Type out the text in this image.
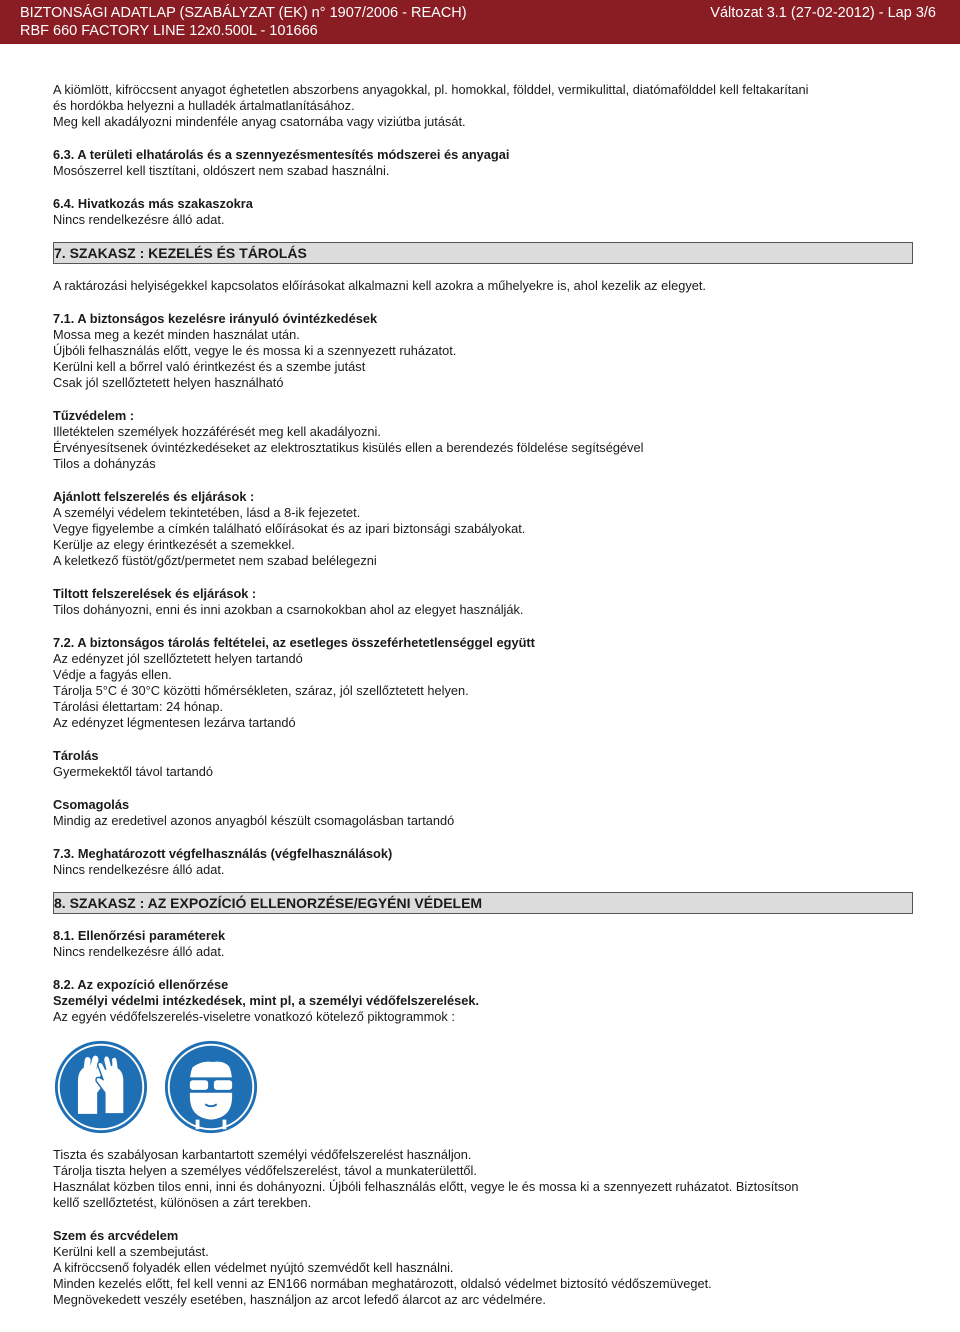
BIZTONSÁGI ADATLAP (SZABÁLYZAT (EK) n° 1907/2006 - REACH)	Változat 3.1 (27-02-2012) - Lap 3/6
RBF 660 FACTORY LINE 12x0.500L - 101666

A kiömlött, kifröccsent anyagot éghetetlen abszorbens anyagokkal, pl. homokkal, földdel, vermikulittal, diatómafölddel kell feltakarítani

és hordókba helyezni a hulladék ártalmatlanításához.

Meg kell akadályozni mindenféle anyag csatornába vagy viziútba jutását.

6.3. A területi elhatárolás és a szennyezésmentesítés módszerei és anyagai

Mosószerrel kell tisztítani, oldószert nem szabad használni.

6.4. Hivatkozás más szakaszokra

Nincs rendelkezésre álló adat.

7. SZAKASZ : KEZELÉS ÉS TÁROLÁS

A raktározási helyiségekkel kapcsolatos előírásokat alkalmazni kell azokra a műhelyekre is, ahol kezelik az elegyet.

7.1. A biztonságos kezelésre irányuló óvintézkedések

Mossa meg a kezét minden használat után.

Újbóli felhasználás előtt, vegye le és mossa ki a szennyezett ruházatot.

Kerülni kell a bőrrel való érintkezést és a szembe jutást

Csak jól szellőztetett helyen használható

Tűzvédelem :

Illetéktelen személyek hozzáférését meg kell akadályozni.

Érvényesítsenek óvintézkedéseket az elektrosztatikus kisülés ellen a berendezés földelése segítségével

Tilos a dohányzás

Ajánlott felszerelés és eljárások :

A személyi védelem tekintetében, lásd a 8-ik fejezetet.

Vegye figyelembe a címkén található előírásokat és az ipari biztonsági szabályokat.

Kerülje az elegy érintkezését a szemekkel.

A keletkező füstöt/gőzt/permetet nem szabad belélegezni

Tiltott felszerelések és eljárások :

Tilos dohányozni, enni és inni azokban a csarnokokban ahol az elegyet használják.

7.2. A biztonságos tárolás feltételei, az esetleges összeférhetetlenséggel együtt

Az edényzet jól szellőztetett helyen tartandó

Védje a fagyás ellen.

Tárolja 5°C é 30°C közötti hőmérsékleten, száraz, jól szellőztetett helyen.

Tárolási élettartam: 24 hónap.

Az edényzet légmentesen lezárva tartandó

Tárolás

Gyermekektől távol tartandó

Csomagolás

Mindig az eredetivel azonos anyagból készült csomagolásban tartandó

7.3. Meghatározott végfelhasználás (végfelhasználások)

Nincs rendelkezésre álló adat.

8. SZAKASZ : AZ EXPOZÍCIÓ ELLENORZÉSE/EGYÉNI VÉDELEM

8.1. Ellenőrzési paraméterek

Nincs rendelkezésre álló adat.

8.2. Az expozíció ellenőrzése

Személyi védelmi intézkedések, mint pl, a személyi védőfelszerelések.

Az egyén védőfelszerelés-viseletre vonatkozó kötelező piktogrammok :

Tiszta és szabályosan karbantartott személyi védőfelszerelést használjon.

Tárolja tiszta helyen a személyes védőfelszerelést, távol a munkaterülettől.

Használat közben tilos enni, inni és dohányozni. Újbóli felhasználás előtt, vegye le és mossa ki a szennyezett ruházatot. Biztosítson

kellő szellőztetést, különösen a zárt terekben.

Szem és arcvédelem

Kerülni kell a szembejutást.

A kifröccsenő folyadék ellen védelmet nyújtó szemvédőt kell használni.

Minden kezelés előtt, fel kell venni az EN166 normában meghatározott, oldalsó védelmet biztosító védőszemüveget.

Megnövekedett veszély esetében, használjon az arcot lefedő álarcot az arc védelmére.
